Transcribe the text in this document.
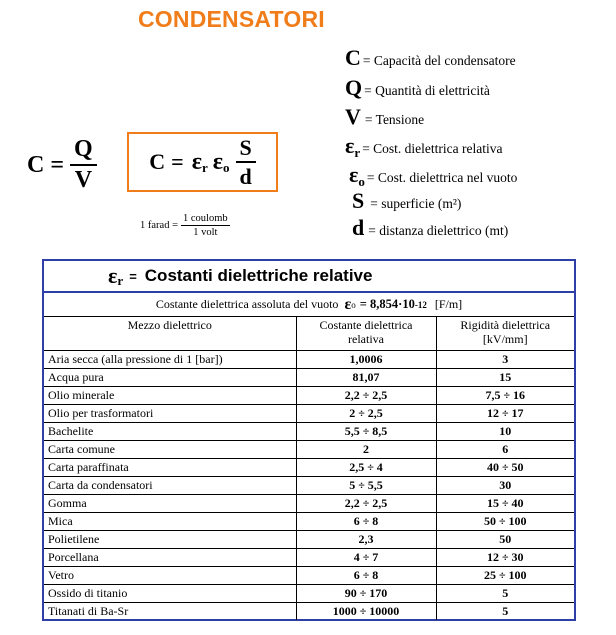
CONDENSATORI
$C = \frac{Q}{V}$ C = ε r ε o $\frac{S}{d}$
1 farad = $\frac{\text{1 coulomb}}{\text{1 volt}}$
C = Capacità del condensatore
Q = Quantità di elettricità
V = Tensione
ε r = Cost. dielettrica relativa
ε o = Cost. dielettrica nel vuoto
S = superficie (m²)
d = distanza dielettrico (mt)
ε r = Costanti dielettriche relative
Costante dielettrica assoluta del vuoto ε o = 8,854·10 -12 [F/m]
Mezzo dielettrico	Costante dielettrica relativa	Rigidità dielettrica [kV/mm]
Aria secca (alla pressione di 1 [bar])	1,0006	3
Acqua pura	81,07	15
Olio minerale	2,2 ÷ 2,5	7,5 ÷ 16
Olio per trasformatori	2 ÷ 2,5	12 ÷ 17
Bachelite	5,5 ÷ 8,5	10
Carta comune	2	6
Carta paraffinata	2,5 ÷ 4	40 ÷ 50
Carta da condensatori	5 ÷ 5,5	30
Gomma	2,2 ÷ 2,5	15 ÷ 40
Mica	6 ÷ 8	50 ÷ 100
Polietilene	2,3	50
Porcellana	4 ÷ 7	12 ÷ 30
Vetro	6 ÷ 8	25 ÷ 100
Ossido di titanio	90 ÷ 170	5
Titanati di Ba-Sr	1000 ÷ 10000	5
